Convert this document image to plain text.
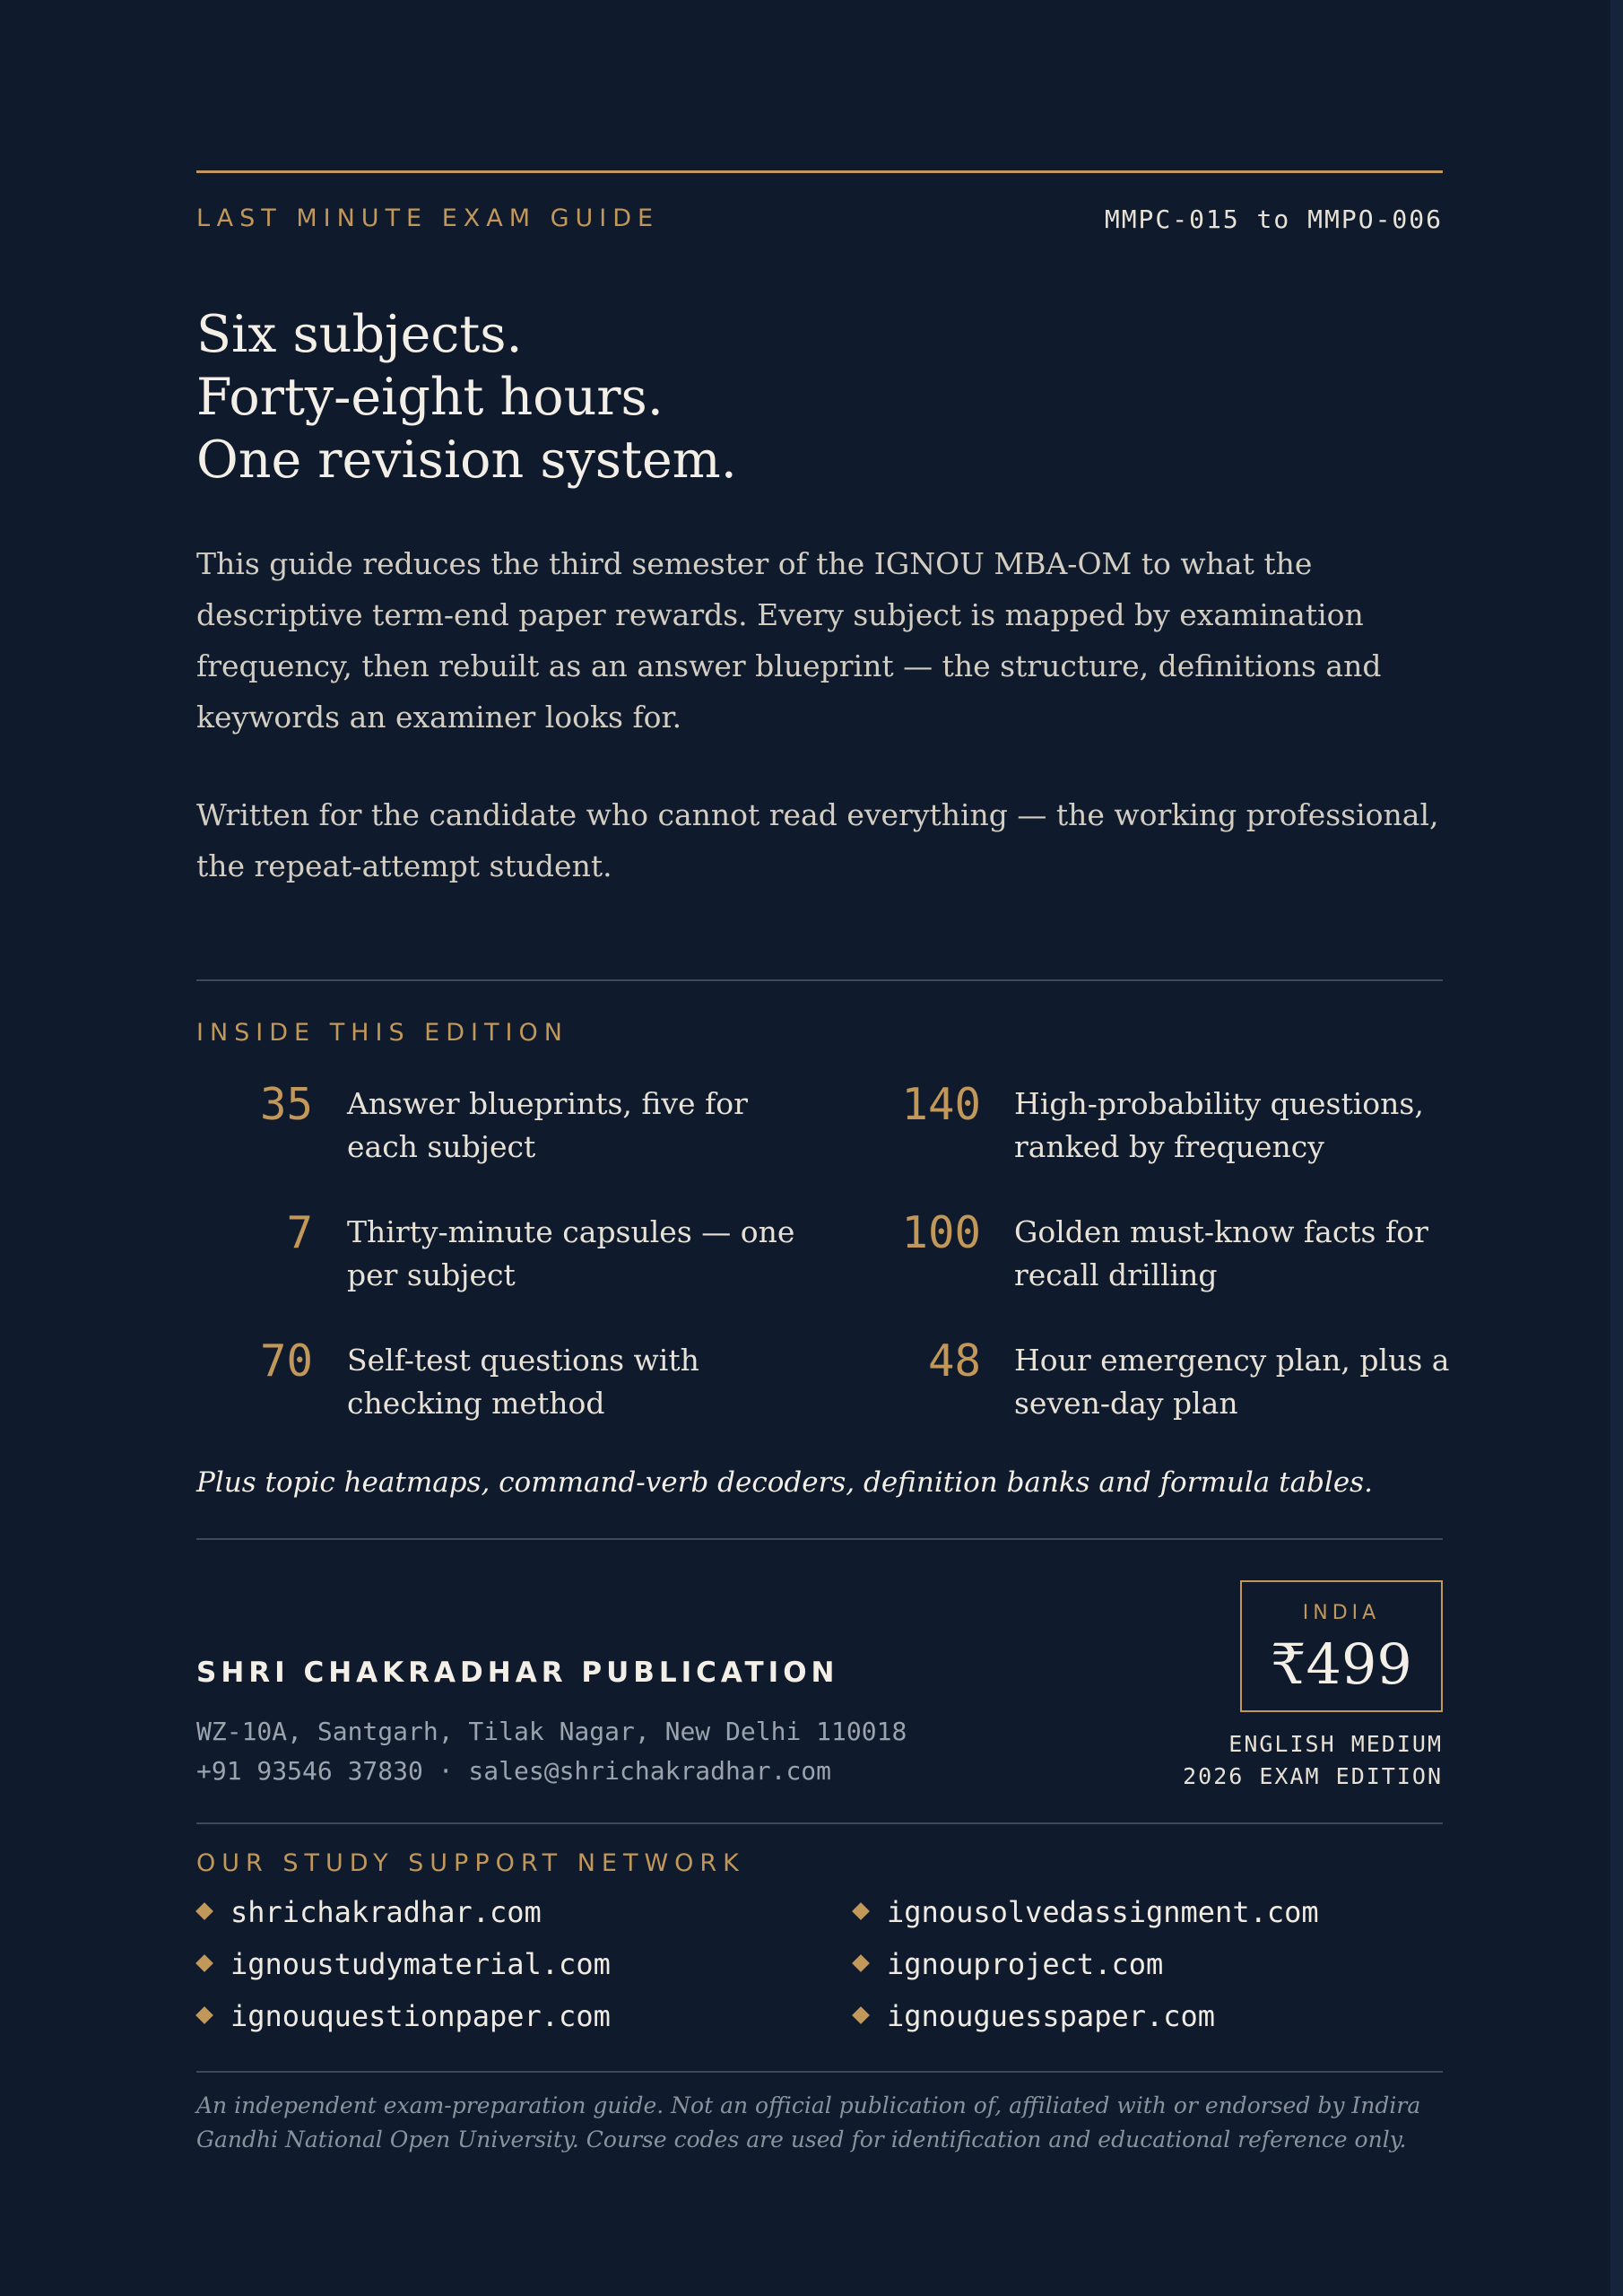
LAST MINUTE EXAM GUIDE	MMPC-015 to MMPO-006
Six subjects.
Forty-eight hours.
One revision system.
This guide reduces the third semester of the IGNOU MBA-OM to what the descriptive term-end paper rewards. Every subject is mapped by examination frequency, then rebuilt as an answer blueprint — the structure, definitions and keywords an examiner looks for.
Written for the candidate who cannot read everything — the working professional, the repeat-attempt student.
INSIDE THIS EDITION
35 Answer blueprints, five for each subject
140 High-probability questions, ranked by frequency
7 Thirty-minute capsules — one per subject
100 Golden must-know facts for recall drilling
70 Self-test questions with checking method
48 Hour emergency plan, plus a seven-day plan
Plus topic heatmaps, command-verb decoders, definition banks and formula tables.
SHRI CHAKRADHAR PUBLICATION
WZ-10A, Santgarh, Tilak Nagar, New Delhi 110018
+91 93546 37830 · sales@shrichakradhar.com
INDIA
₹499
ENGLISH MEDIUM
2026 EXAM EDITION
OUR STUDY SUPPORT NETWORK
shrichakradhar.com	ignousolvedassignment.com
ignoustudymaterial.com	ignouproject.com
ignouquestionpaper.com	ignouguesspaper.com
An independent exam-preparation guide. Not an official publication of, affiliated with or endorsed by Indira Gandhi National Open University. Course codes are used for identification and educational reference only.
